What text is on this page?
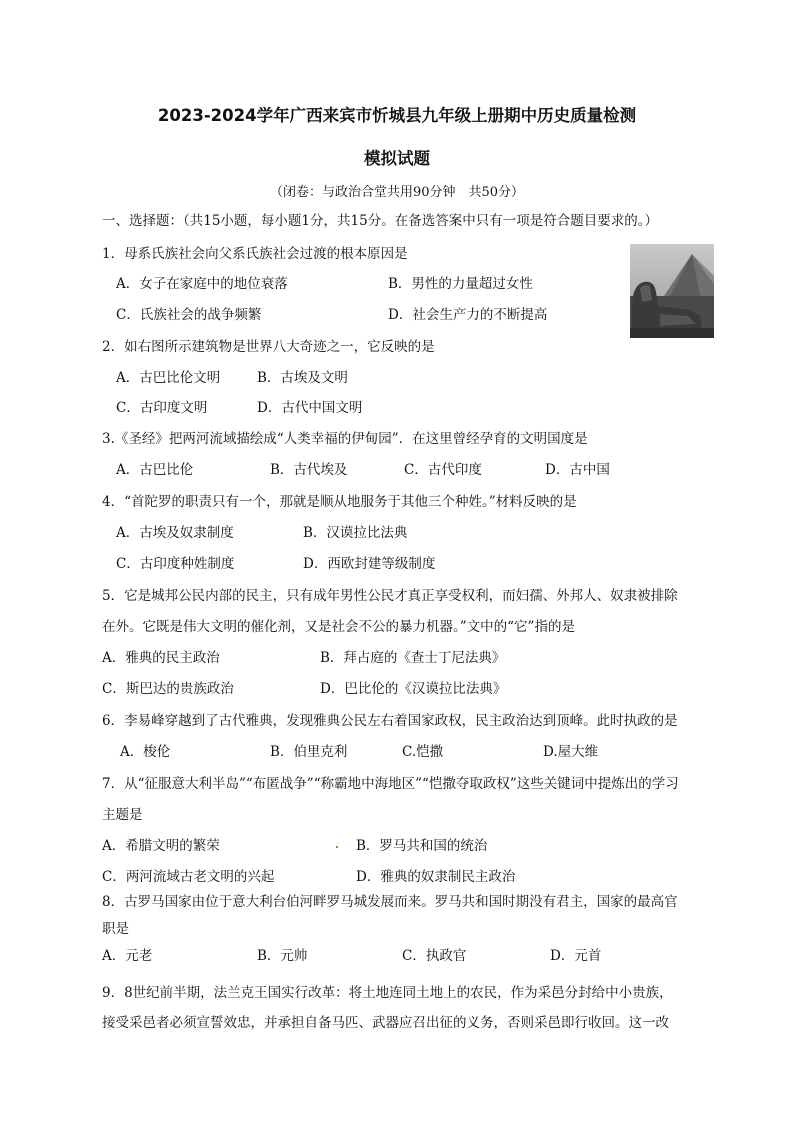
2023-2024学年广西来宾市忻城县九年级上册期中历史质量检测
模拟试题
（闭卷：与政治合堂共用90分钟　共50分）
一、选择题：（共15小题，每小题1分，共15分。在备选答案中只有一项是符合题目要求的。）
1．母系氏族社会向父系氏族社会过渡的根本原因是
A．女子在家庭中的地位衰落	B．男性的力量超过女性
C．氏族社会的战争频繁	D．社会生产力的不断提高
2．如右图所示建筑物是世界八大奇迹之一，它反映的是
A．古巴比伦文明	B．古埃及文明
C．古印度文明	D．古代中国文明
3.《圣经》把两河流域描绘成“人类幸福的伊甸园”．在这里曾经孕育的文明国度是
A．古巴比伦	B．古代埃及	C．古代印度	D．古中国
4．“首陀罗的职责只有一个，那就是顺从地服务于其他三个种姓。”材料反映的是
A．古埃及奴隶制度	B．汉谟拉比法典
C．古印度种姓制度	D．西欧封建等级制度
5．它是城邦公民内部的民主，只有成年男性公民才真正享受权利，而妇孺、外邦人、奴隶被排除
在外。它既是伟大文明的催化剂，又是社会不公的暴力机器。”文中的“它”指的是
A．雅典的民主政治	B．拜占庭的《查士丁尼法典》
C．斯巴达的贵族政治	D．巴比伦的《汉谟拉比法典》
6．李易峰穿越到了古代雅典，发现雅典公民左右着国家政权，民主政治达到顶峰。此时执政的是
A．梭伦	B．伯里克利	C.恺撒	D.屋大维
7．从“征服意大利半岛”“布匿战争”“称霸地中海地区”“恺撒夺取政权”这些关键词中提炼出的学习
主题是
A．希腊文明的繁荣	B．罗马共和国的统治
C．两河流域古老文明的兴起	D．雅典的奴隶制民主政治
8．古罗马国家由位于意大利台伯河畔罗马城发展而来。罗马共和国时期没有君主，国家的最高官
职是
A．元老	B．元帅	C．执政官	D．元首
9．8世纪前半期，法兰克王国实行改革：将土地连同土地上的农民，作为采邑分封给中小贵族，
接受采邑者必须宣誓效忠，并承担自备马匹、武器应召出征的义务，否则采邑即行收回。这一改
